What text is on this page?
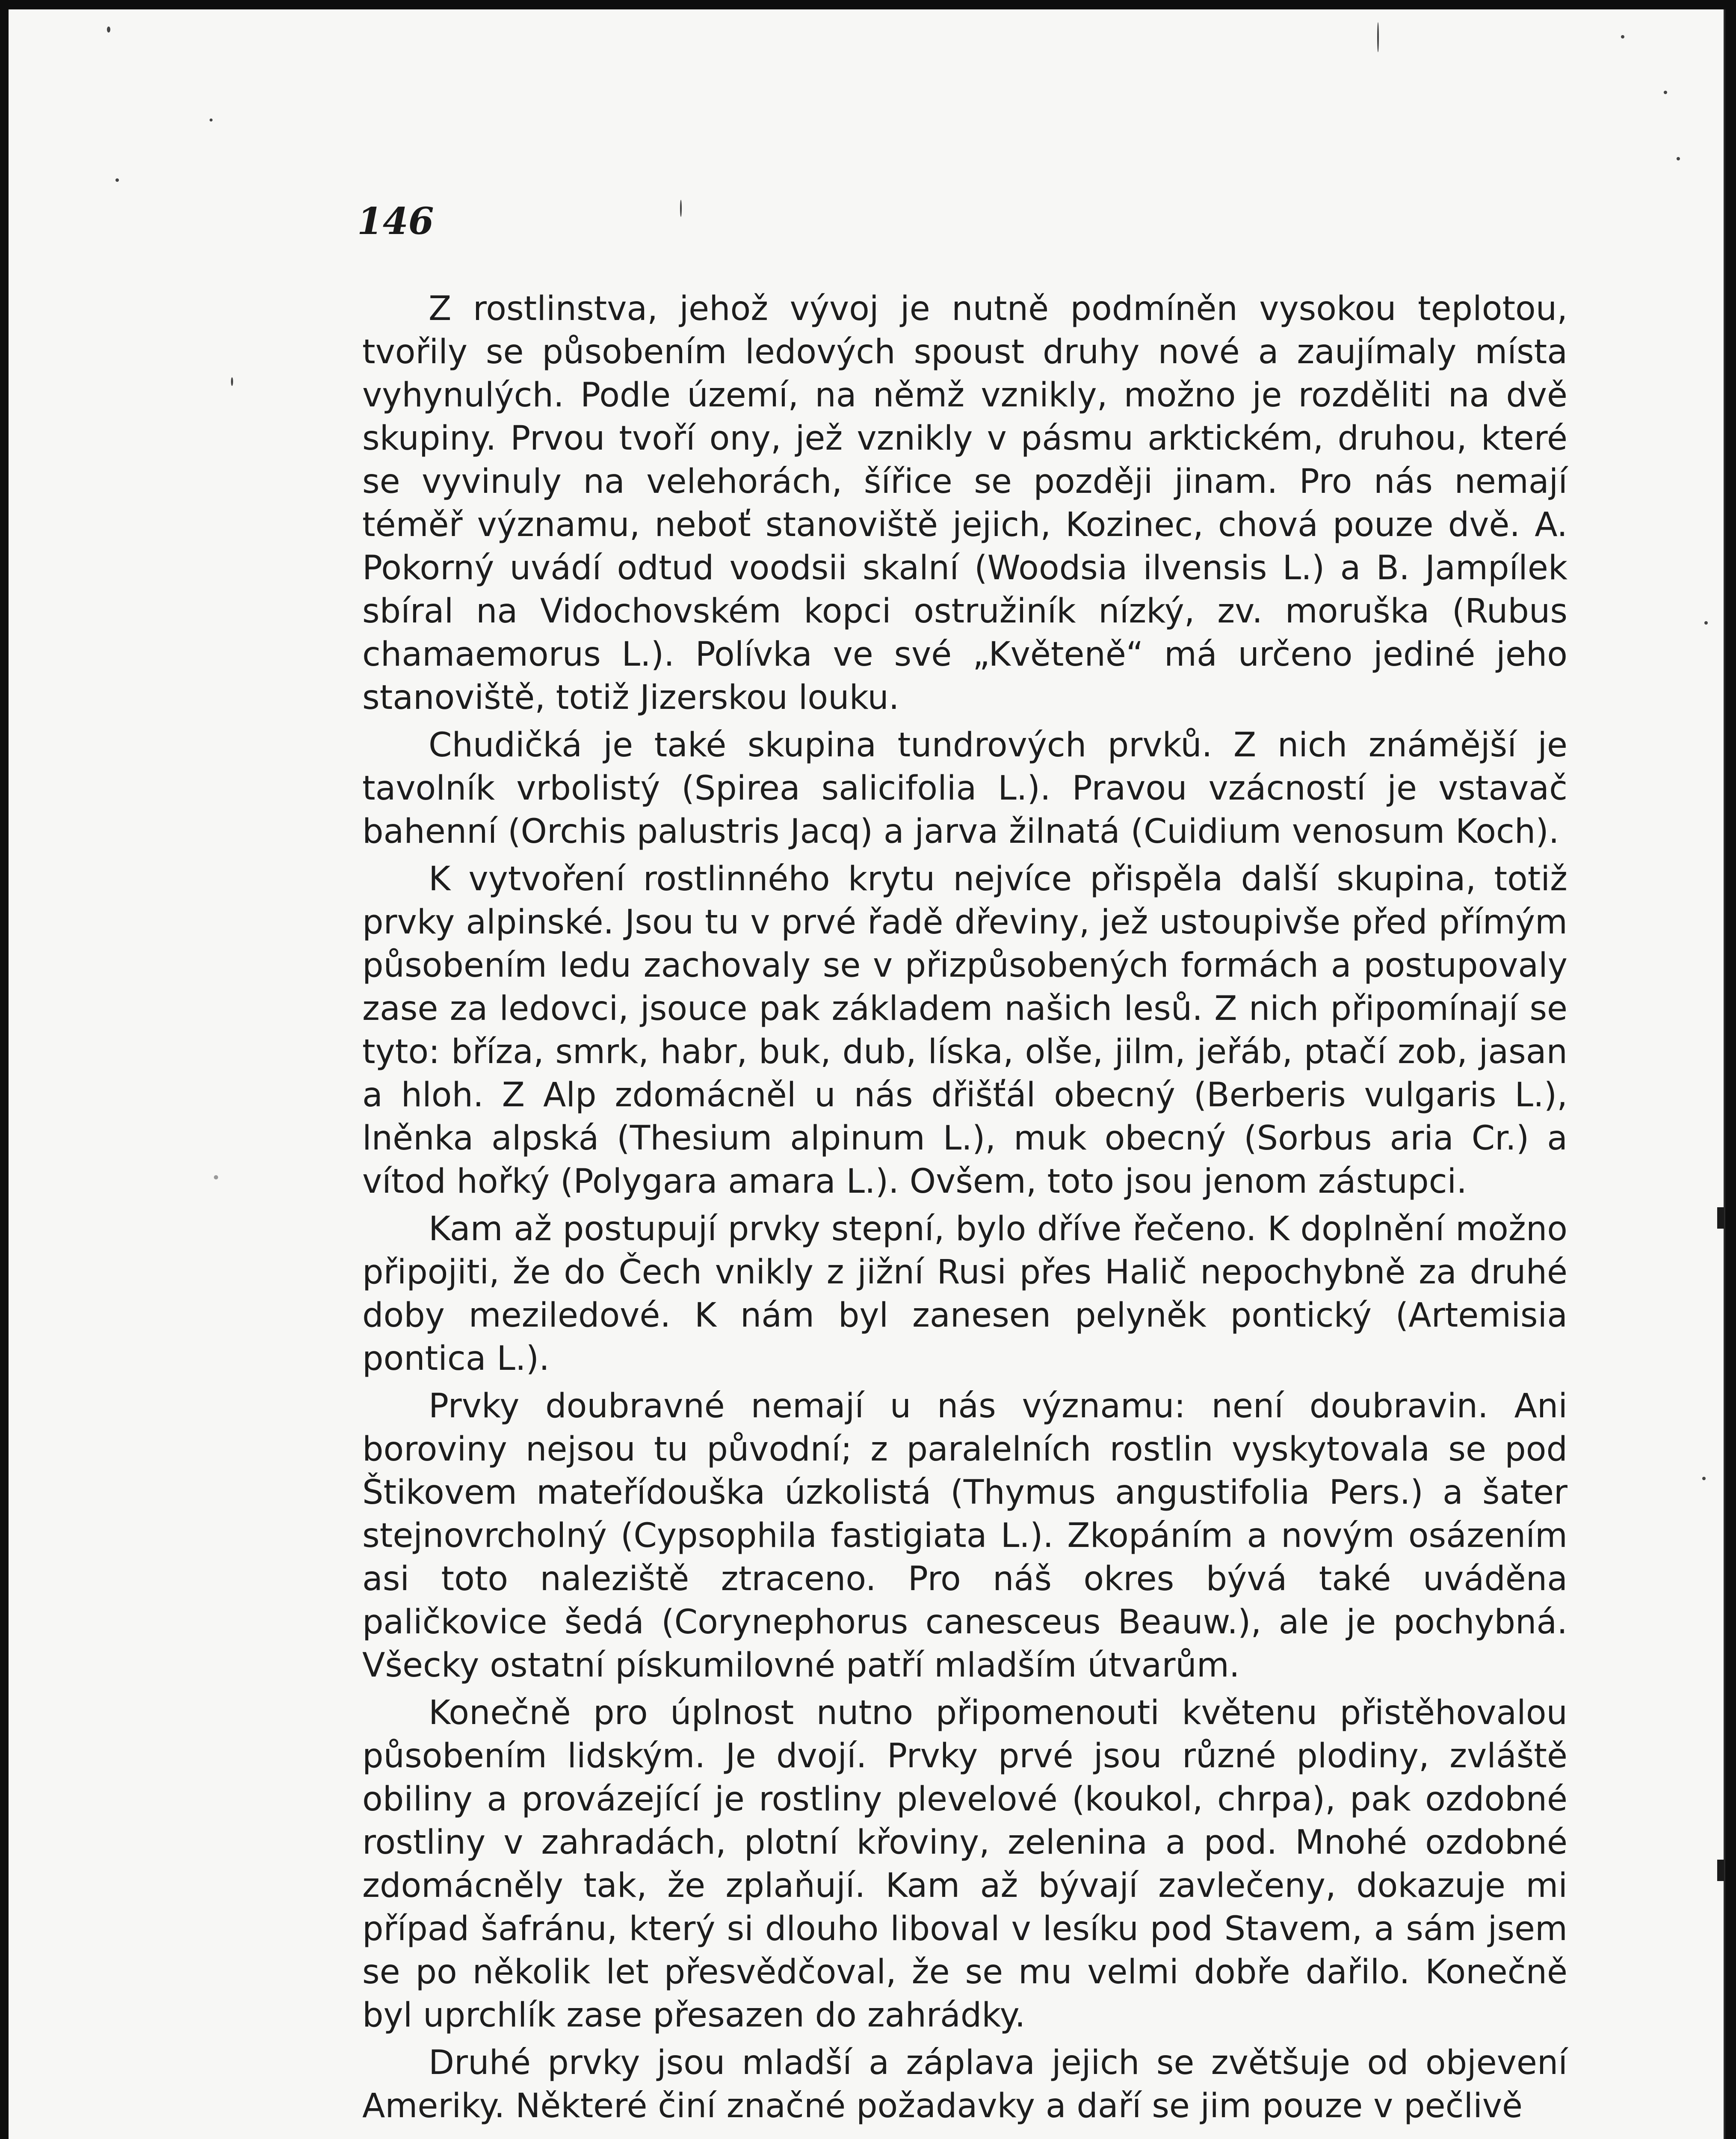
146

Z rostlinstva, jehož vývoj je nutně podmíněn vysokou teplotou, tvořily se působením ledových spoust druhy nové a zaujímaly místa vyhynulých. Podle území, na němž vznikly, možno je rozděliti na dvě skupiny. Prvou tvoří ony, jež vznikly v pásmu arktickém, druhou, které se vyvinuly na velehorách, šířice se později jinam. Pro nás nemají téměř významu, neboť stanoviště jejich, Kozinec, chová pouze dvě. A. Pokorný uvádí odtud voodsii skalní (Woodsia ilvensis L.) a B. Jampílek sbíral na Vidochovském kopci ostružiník nízký, zv. moruška (Rubus chamaemorus L.). Polívka ve své „Květeně“ má určeno jediné jeho stanoviště, totiž Jizerskou louku.

Chudičká je také skupina tundrových prvků. Z nich známější je tavolník vrbolistý (Spirea salicifolia L.). Pravou vzácností je vstavač bahenní (Orchis palustris Jacq) a jarva žilnatá (Cuidium venosum Koch).

K vytvoření rostlinného krytu nejvíce přispěla další skupina, totiž prvky alpinské. Jsou tu v prvé řadě dřeviny, jež ustoupivše před přímým působením ledu zachovaly se v přizpůsobených formách a postupovaly zase za ledovci, jsouce pak základem našich lesů. Z nich připomínají se tyto: bříza, smrk, habr, buk, dub, líska, olše, jilm, jeřáb, ptačí zob, jasan a hloh. Z Alp zdomácněl u nás dřišťál obecný (Berberis vulgaris L.), lněnka alpská (Thesium alpinum L.), muk obecný (Sorbus aria Cr.) a vítod hořký (Polygara amara L.). Ovšem, toto jsou jenom zástupci.

Kam až postupují prvky stepní, bylo dříve řečeno. K doplnění možno připojiti, že do Čech vnikly z jižní Rusi přes Halič nepochybně za druhé doby meziledové. K nám byl zanesen pelyněk pontický (Artemisia pontica L.).

Prvky doubravné nemají u nás významu: není doubravin. Ani boroviny nejsou tu původní; z paralelních rostlin vyskytovala se pod Štikovem mateřídouška úzkolistá (Thymus angustifolia Pers.) a šater stejnovrcholný (Cypsophila fastigiata L.). Zkopáním a novým osázením asi toto naleziště ztraceno. Pro náš okres bývá také uváděna paličkovice šedá (Corynephorus canesceus Beauw.), ale je pochybná. Všecky ostatní pískumilovné patří mladším útvarům.

Konečně pro úplnost nutno připomenouti květenu přistěhovalou působením lidským. Je dvojí. Prvky prvé jsou různé plodiny, zvláště obiliny a provázející je rostliny plevelové (koukol, chrpa), pak ozdobné rostliny v zahradách, plotní křoviny, zelenina a pod. Mnohé ozdobné zdomácněly tak, že zplaňují. Kam až bývají zavlečeny, dokazuje mi případ šafránu, který si dlouho liboval v lesíku pod Stavem, a sám jsem se po několik let přesvědčoval, že se mu velmi dobře dařilo. Konečně byl uprchlík zase přesazen do zahrádky.

Druhé prvky jsou mladší a záplava jejich se zvětšuje od objevení Ameriky. Některé činí značné požadavky a daří se jim pouze v pečlivě
